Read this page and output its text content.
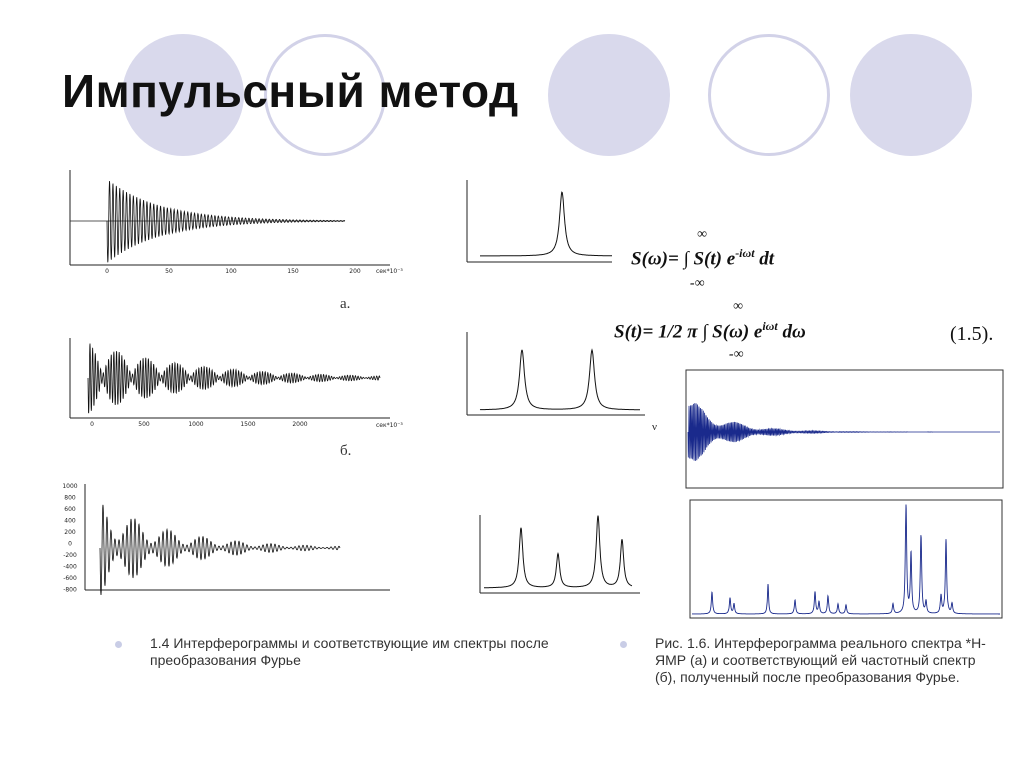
Импульсный метод
0	50	100	150	200
0	500	1000	1500	2000
1000
800
600
400
200
0
-200
-400
-600
-800
сек*10⁻³
сек*10⁻³	ν
а.
б.
∞
S(ω)= ∫ S(t) $e^{-i\omega t}$ dt
-∞
∞
S(t)= 1/2 π ∫ S(ω) $e^{i\omega t}$ dω
-∞
(1.5).
1.4 Интерферограммы и соответствующие им спектры после преобразования Фурье
Рис. 1.6. Интерферограмма реального спектра *Н-ЯМР (а) и соответствующий ей частотный спектр (б), полученный после преобразования Фурье.
